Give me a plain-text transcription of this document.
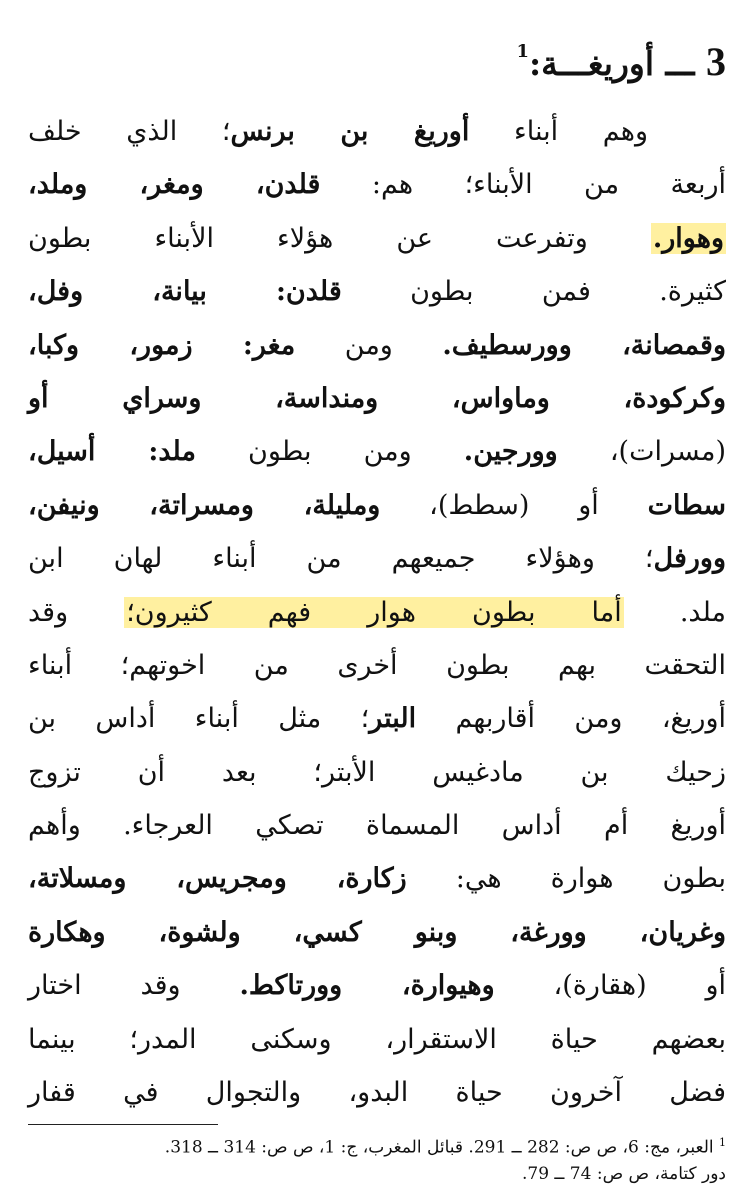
3 ـــ أوريغـــة:$^1$
وهم أبناء أوريغ بن برنس؛ الذي خلف
أربعة من الأبناء؛ هم: قلدن، ومغر، وملد،
وهوار. وتفرعت عن هؤلاء الأبناء بطون
كثيرة. فمن بطون قلدن: بيانة، وفل،
وقمصانة، وورسطيف. ومن مغر: زمور، وكبا،
وكركودة، وماواس، ومنداسة، وسراي أو
(مسرات)، وورجين. ومن بطون ملد: أسيل،
سطات أو (سطط)، ومليلة، ومسراتة، ونيفن،
وورفل؛ وهؤلاء جميعهم من أبناء لهان ابن
ملد. أما بطون هوار فهم كثيرون؛ وقد
التحقت بهم بطون أخرى من اخوتهم؛ أبناء
أوريغ، ومن أقاربهم البتر؛ مثل أبناء أداس بن
زحيك بن مادغيس الأبتر؛ بعد أن تزوج
أوريغ أم أداس المسماة تصكي العرجاء. وأهم
بطون هوارة هي: زكارة، ومجريس، ومسلاتة،
وغريان، وورغة، وبنو كسي، ولشوة، وهكارة
أو (هقارة)، وهيوارة، وورتاكط. وقد اختار
بعضهم حياة الاستقرار، وسكنى المدر؛ بينما
فضل آخرون حياة البدو، والتجوال في قفار
$^1$ العبر، مج: 6، ص ص: 282 ــ 291. قبائل المغرب، ج: 1، ص ص: 314 ــ 318.
دور كتامة، ص ص: 74 ــ 79.
